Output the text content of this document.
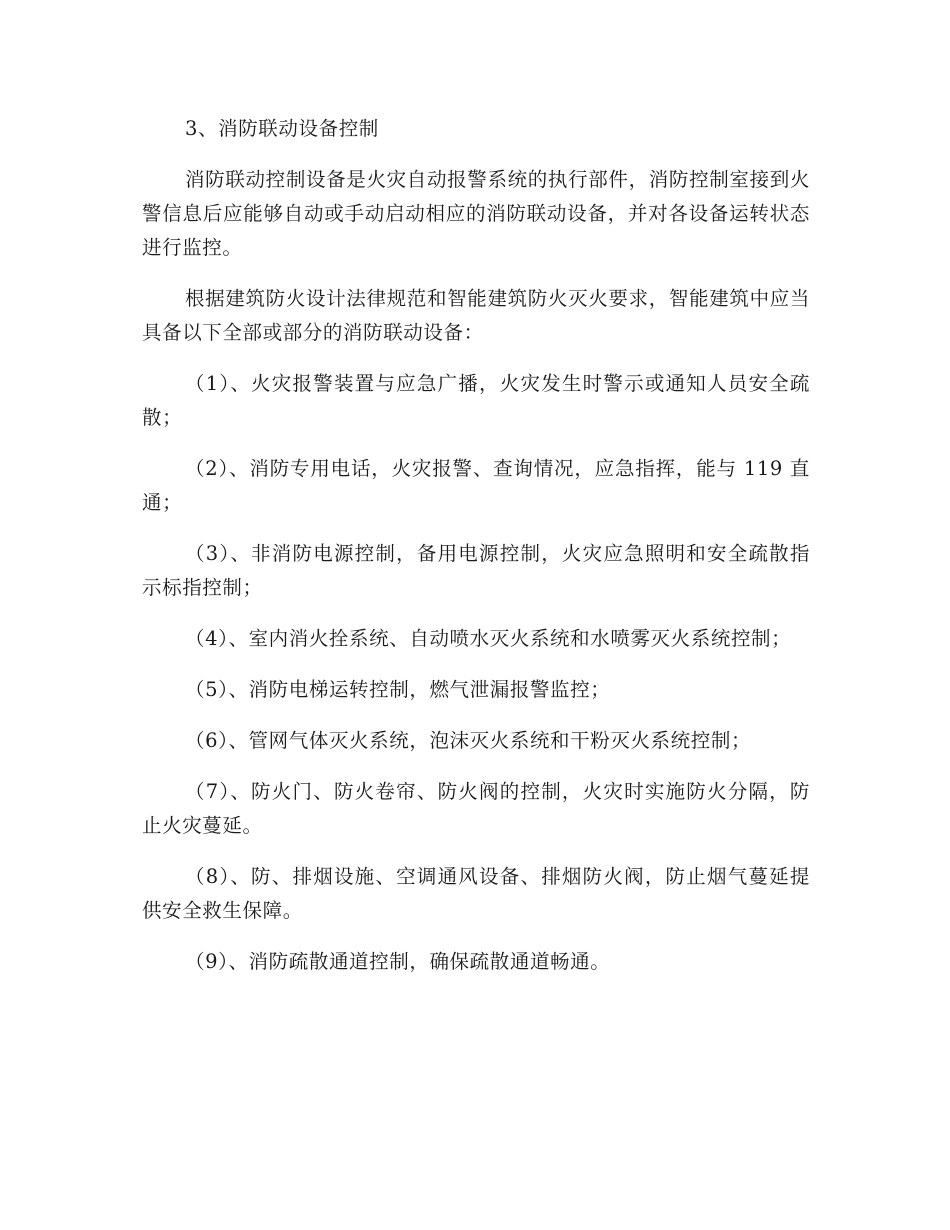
3、消防联动设备控制

消防联动控制设备是火灾自动报警系统的执行部件，消防控制室接到火警信息后应能够自动或手动启动相应的消防联动设备，并对各设备运转状态进行监控。

根据建筑防火设计法律规范和智能建筑防火灭火要求，智能建筑中应当具备以下全部或部分的消防联动设备：

（1）、火灾报警装置与应急广播，火灾发生时警示或通知人员安全疏散；

（2）、消防专用电话，火灾报警、查询情况，应急指挥，能与 119 直通；

（3）、非消防电源控制，备用电源控制，火灾应急照明和安全疏散指示标指控制；

（4）、室内消火拴系统、自动喷水灭火系统和水喷雾灭火系统控制；

（5）、消防电梯运转控制，燃气泄漏报警监控；

（6）、管网气体灭火系统，泡沫灭火系统和干粉灭火系统控制；

（7）、防火门、防火卷帘、防火阀的控制，火灾时实施防火分隔，防止火灾蔓延。

（8）、防、排烟设施、空调通风设备、排烟防火阀，防止烟气蔓延提供安全救生保障。

（9）、消防疏散通道控制，确保疏散通道畅通。
